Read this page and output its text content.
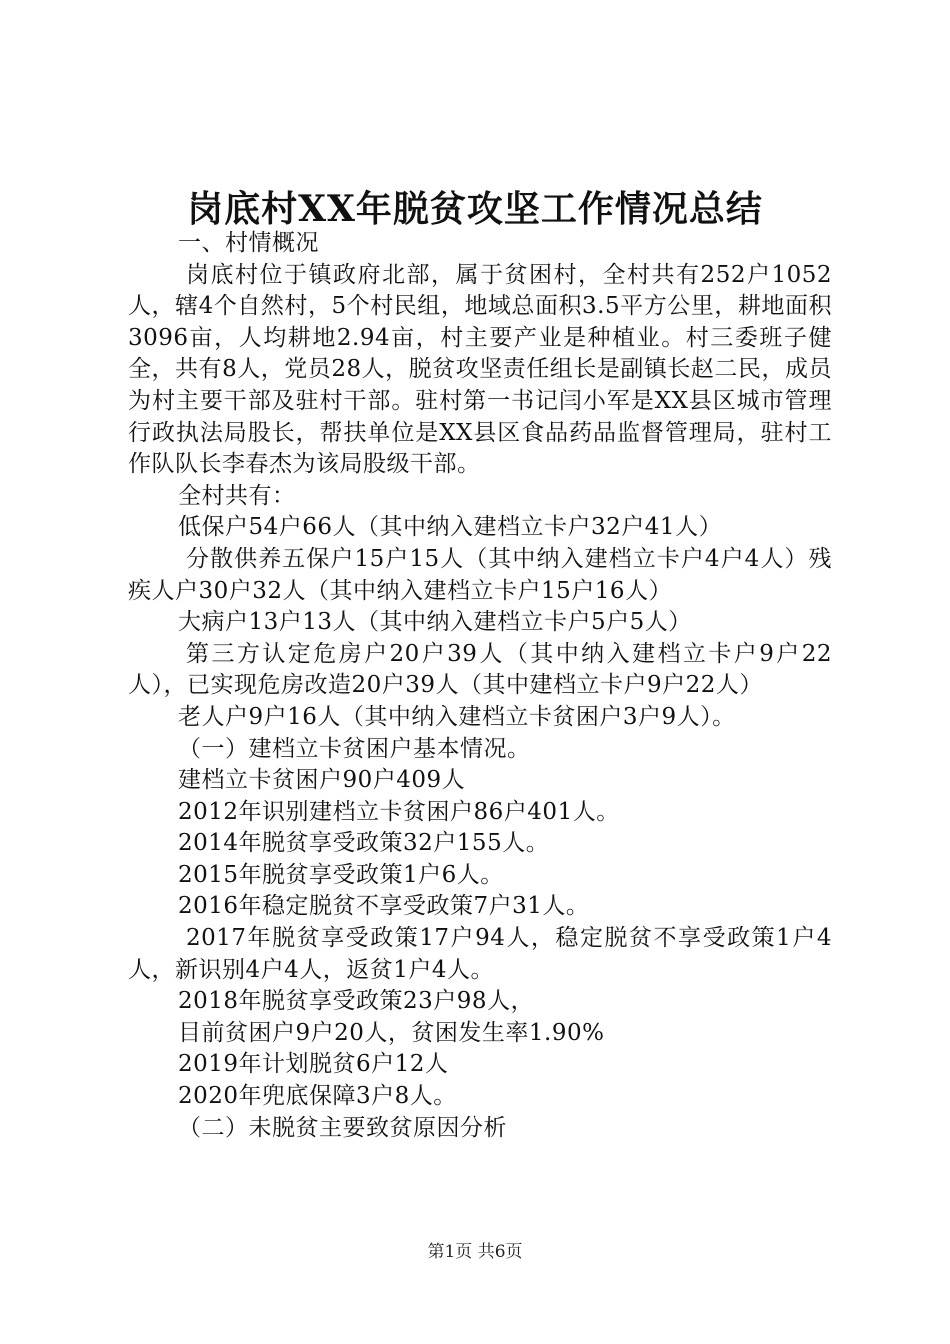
岗底村XX年脱贫攻坚工作情况总结

一、村情概况

岗底村位于镇政府北部，属于贫困村，全村共有252户1052人，辖4个自然村，5个村民组，地域总面积3.5平方公里，耕地面积3096亩，人均耕地2.94亩，村主要产业是种植业。村三委班子健全，共有8人，党员28人，脱贫攻坚责任组长是副镇长赵二民，成员为村主要干部及驻村干部。驻村第一书记闫小军是XX县区城市管理行政执法局股长，帮扶单位是XX县区食品药品监督管理局，驻村工作队队长李春杰为该局股级干部。

全村共有：

低保户54户66人（其中纳入建档立卡户32户41人）

分散供养五保户15户15人（其中纳入建档立卡户4户4人）残疾人户30户32人（其中纳入建档立卡户15户16人）

大病户13户13人（其中纳入建档立卡户5户5人）

第三方认定危房户20户39人（其中纳入建档立卡户9户22人），已实现危房改造20户39人（其中建档立卡户9户22人）

老人户9户16人（其中纳入建档立卡贫困户3户9人）。

（一）建档立卡贫困户基本情况。

建档立卡贫困户90户409人

2012年识别建档立卡贫困户86户401人。

2014年脱贫享受政策32户155人。

2015年脱贫享受政策1户6人。

2016年稳定脱贫不享受政策7户31人。

2017年脱贫享受政策17户94人，稳定脱贫不享受政策1户4人，新识别4户4人，返贫1户4人。

2018年脱贫享受政策23户98人，

目前贫困户9户20人，贫困发生率1.90%

2019年计划脱贫6户12人

2020年兜底保障3户8人。

（二）未脱贫主要致贫原因分析

第1页 共6页
